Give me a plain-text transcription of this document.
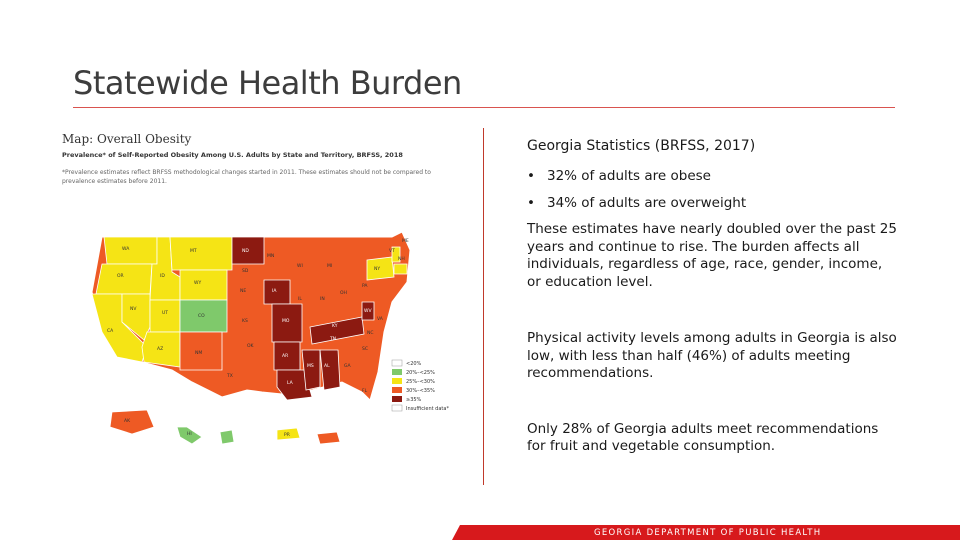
Statewide Health Burden
Map: Overall Obesity
Prevalence* of Self-Reported Obesity Among U.S. Adults by State and Territory, BRFSS, 2018
*Prevalence estimates reflect BRFSS methodological changes started in 2011. These estimates should not be compared to prevalence estimates before 2011.
<20%
20%–<25%
25%–<30%
30%–<35%
≥35%
Insufficient data*
WA	MT	ND
MN
ME
OR	ID
WY
SD
WI	MI
NY
VT
NH
NV
UT
CO
NE	IA
IL	IN
OH
PA
CA
KS	MO
KY
WV
VA
AZ
NM
OK
AR
TN
NC
TX
LA
MS AL	GA
SC
FL
AK
HI	PR
Georgia Statistics (BRFSS, 2017)
• 32% of adults are obese
• 34% of adults are overweight

These estimates have nearly doubled over the past 25 years and continue to rise. The burden affects all individuals, regardless of age, race, gender, income, or education level.

Physical activity levels among adults in Georgia is also low, with less than half (46%) of adults meeting recommendations.

Only 28% of Georgia adults meet recommendations for fruit and vegetable consumption.

GEORGIA DEPARTMENT OF PUBLIC HEALTH
